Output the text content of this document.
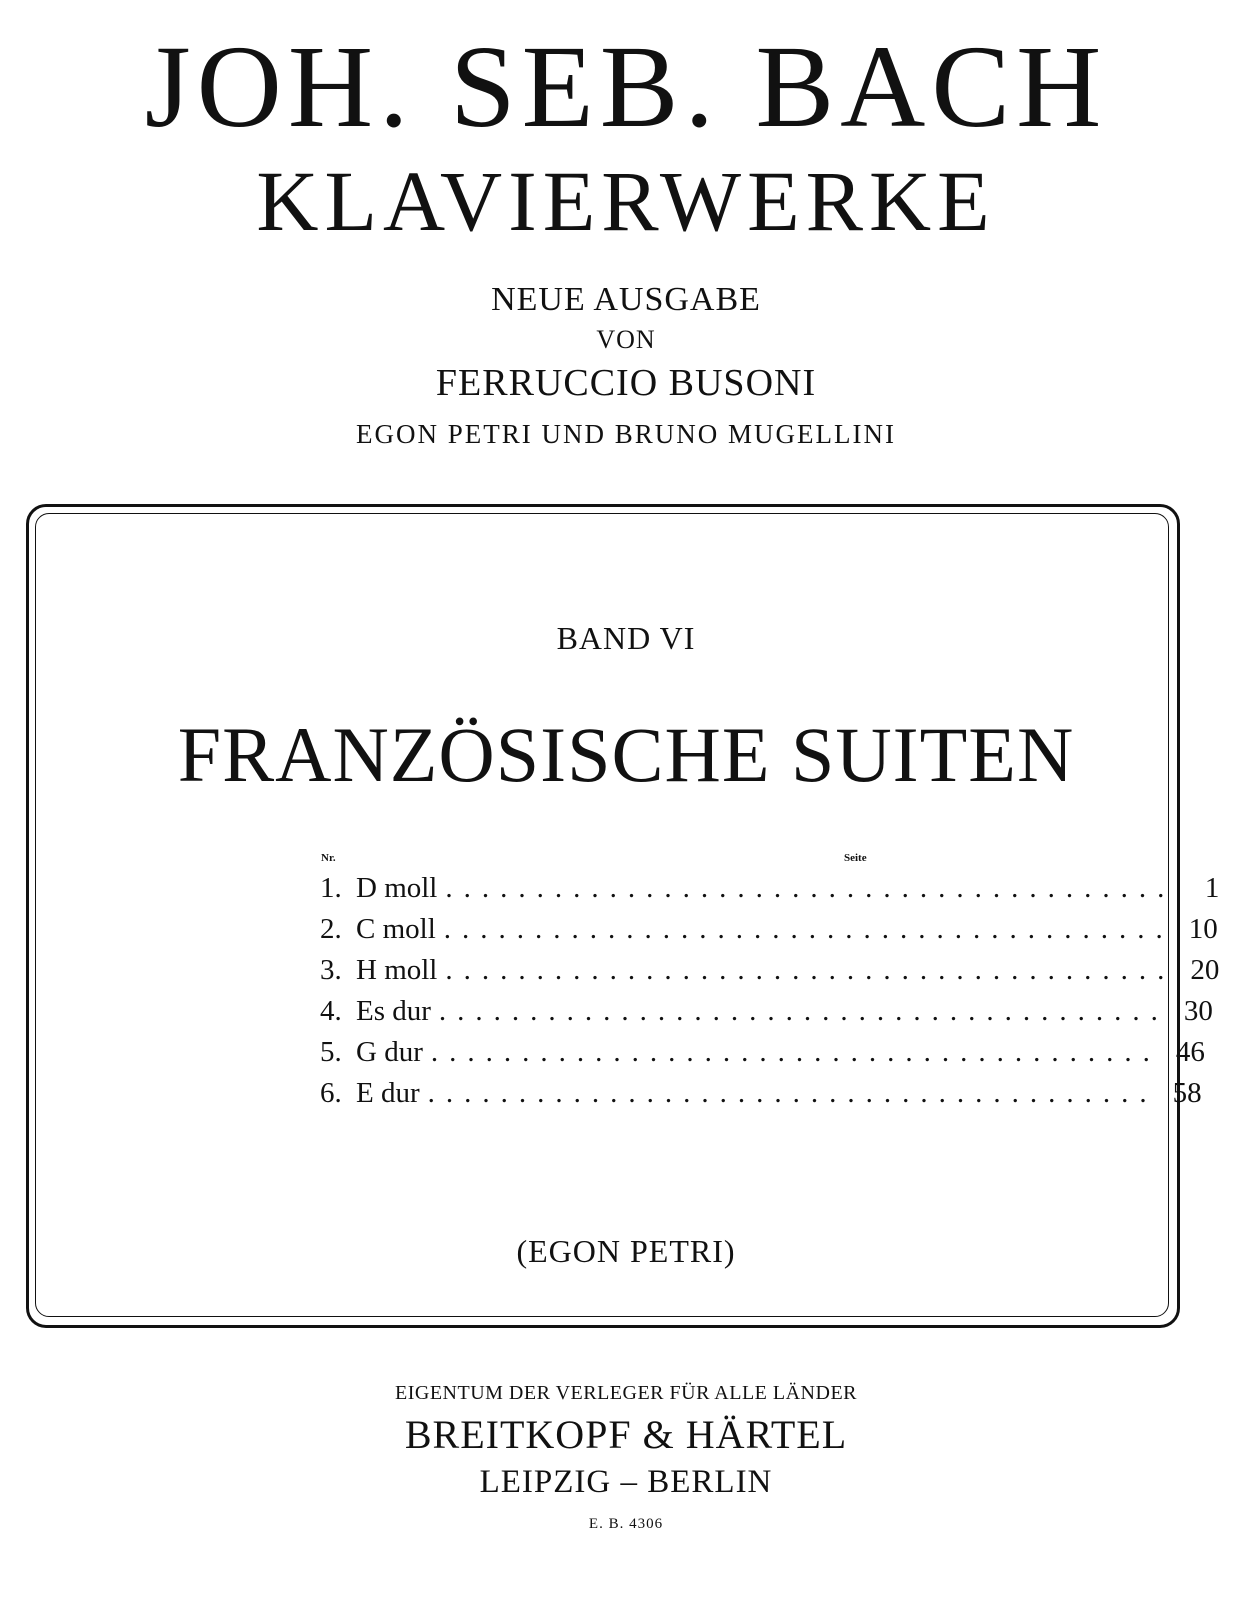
JOH. SEB. BACH
KLAVIERWERKE
NEUE AUSGABE
VON
FERRUCCIO BUSONI
EGON PETRI UND BRUNO MUGELLINI
BAND VI
FRANZÖSISCHE SUITEN
Nr.	Seite
1. D moll ........................................	1
2. C moll ........................................ 10
3. H moll ........................................ 20
4. Es dur ........................................ 30
5. G dur ........................................ 46
6. E dur ........................................ 58
(EGON PETRI)
EIGENTUM DER VERLEGER FÜR ALLE LÄNDER
BREITKOPF & HÄRTEL
LEIPZIG – BERLIN
E. B. 4306
